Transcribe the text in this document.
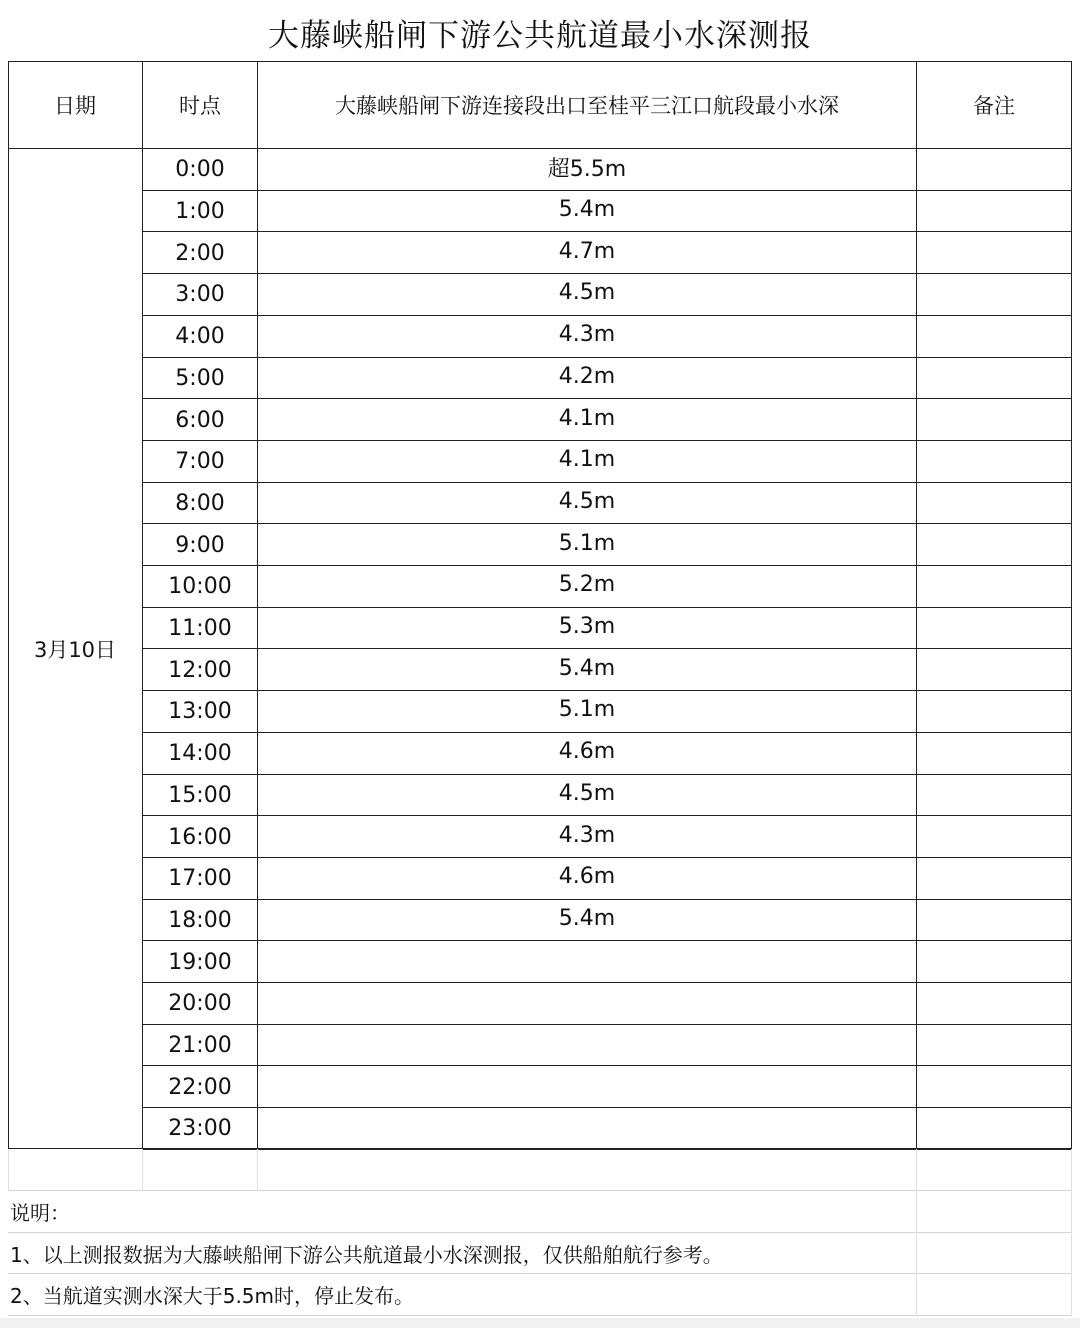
大藤峡船闸下游公共航道最小水深测报
日期	时点	大藤峡船闸下游连接段出口至桂平三江口航段最小水深	备注
3月10日
0:00	超5.5m
1:00	5.4m
2:00	4.7m
3:00	4.5m
4:00	4.3m
5:00	4.2m
6:00	4.1m
7:00	4.1m
8:00	4.5m
9:00	5.1m
10:00	5.2m
11:00	5.3m
12:00	5.4m
13:00	5.1m
14:00	4.6m
15:00	4.5m
16:00	4.3m
17:00	4.6m
18:00	5.4m
19:00
20:00
21:00
22:00
23:00
说明：
1、以上测报数据为大藤峡船闸下游公共航道最小水深测报，仅供船舶航行参考。
2、当航道实测水深大于5.5m时，停止发布。
